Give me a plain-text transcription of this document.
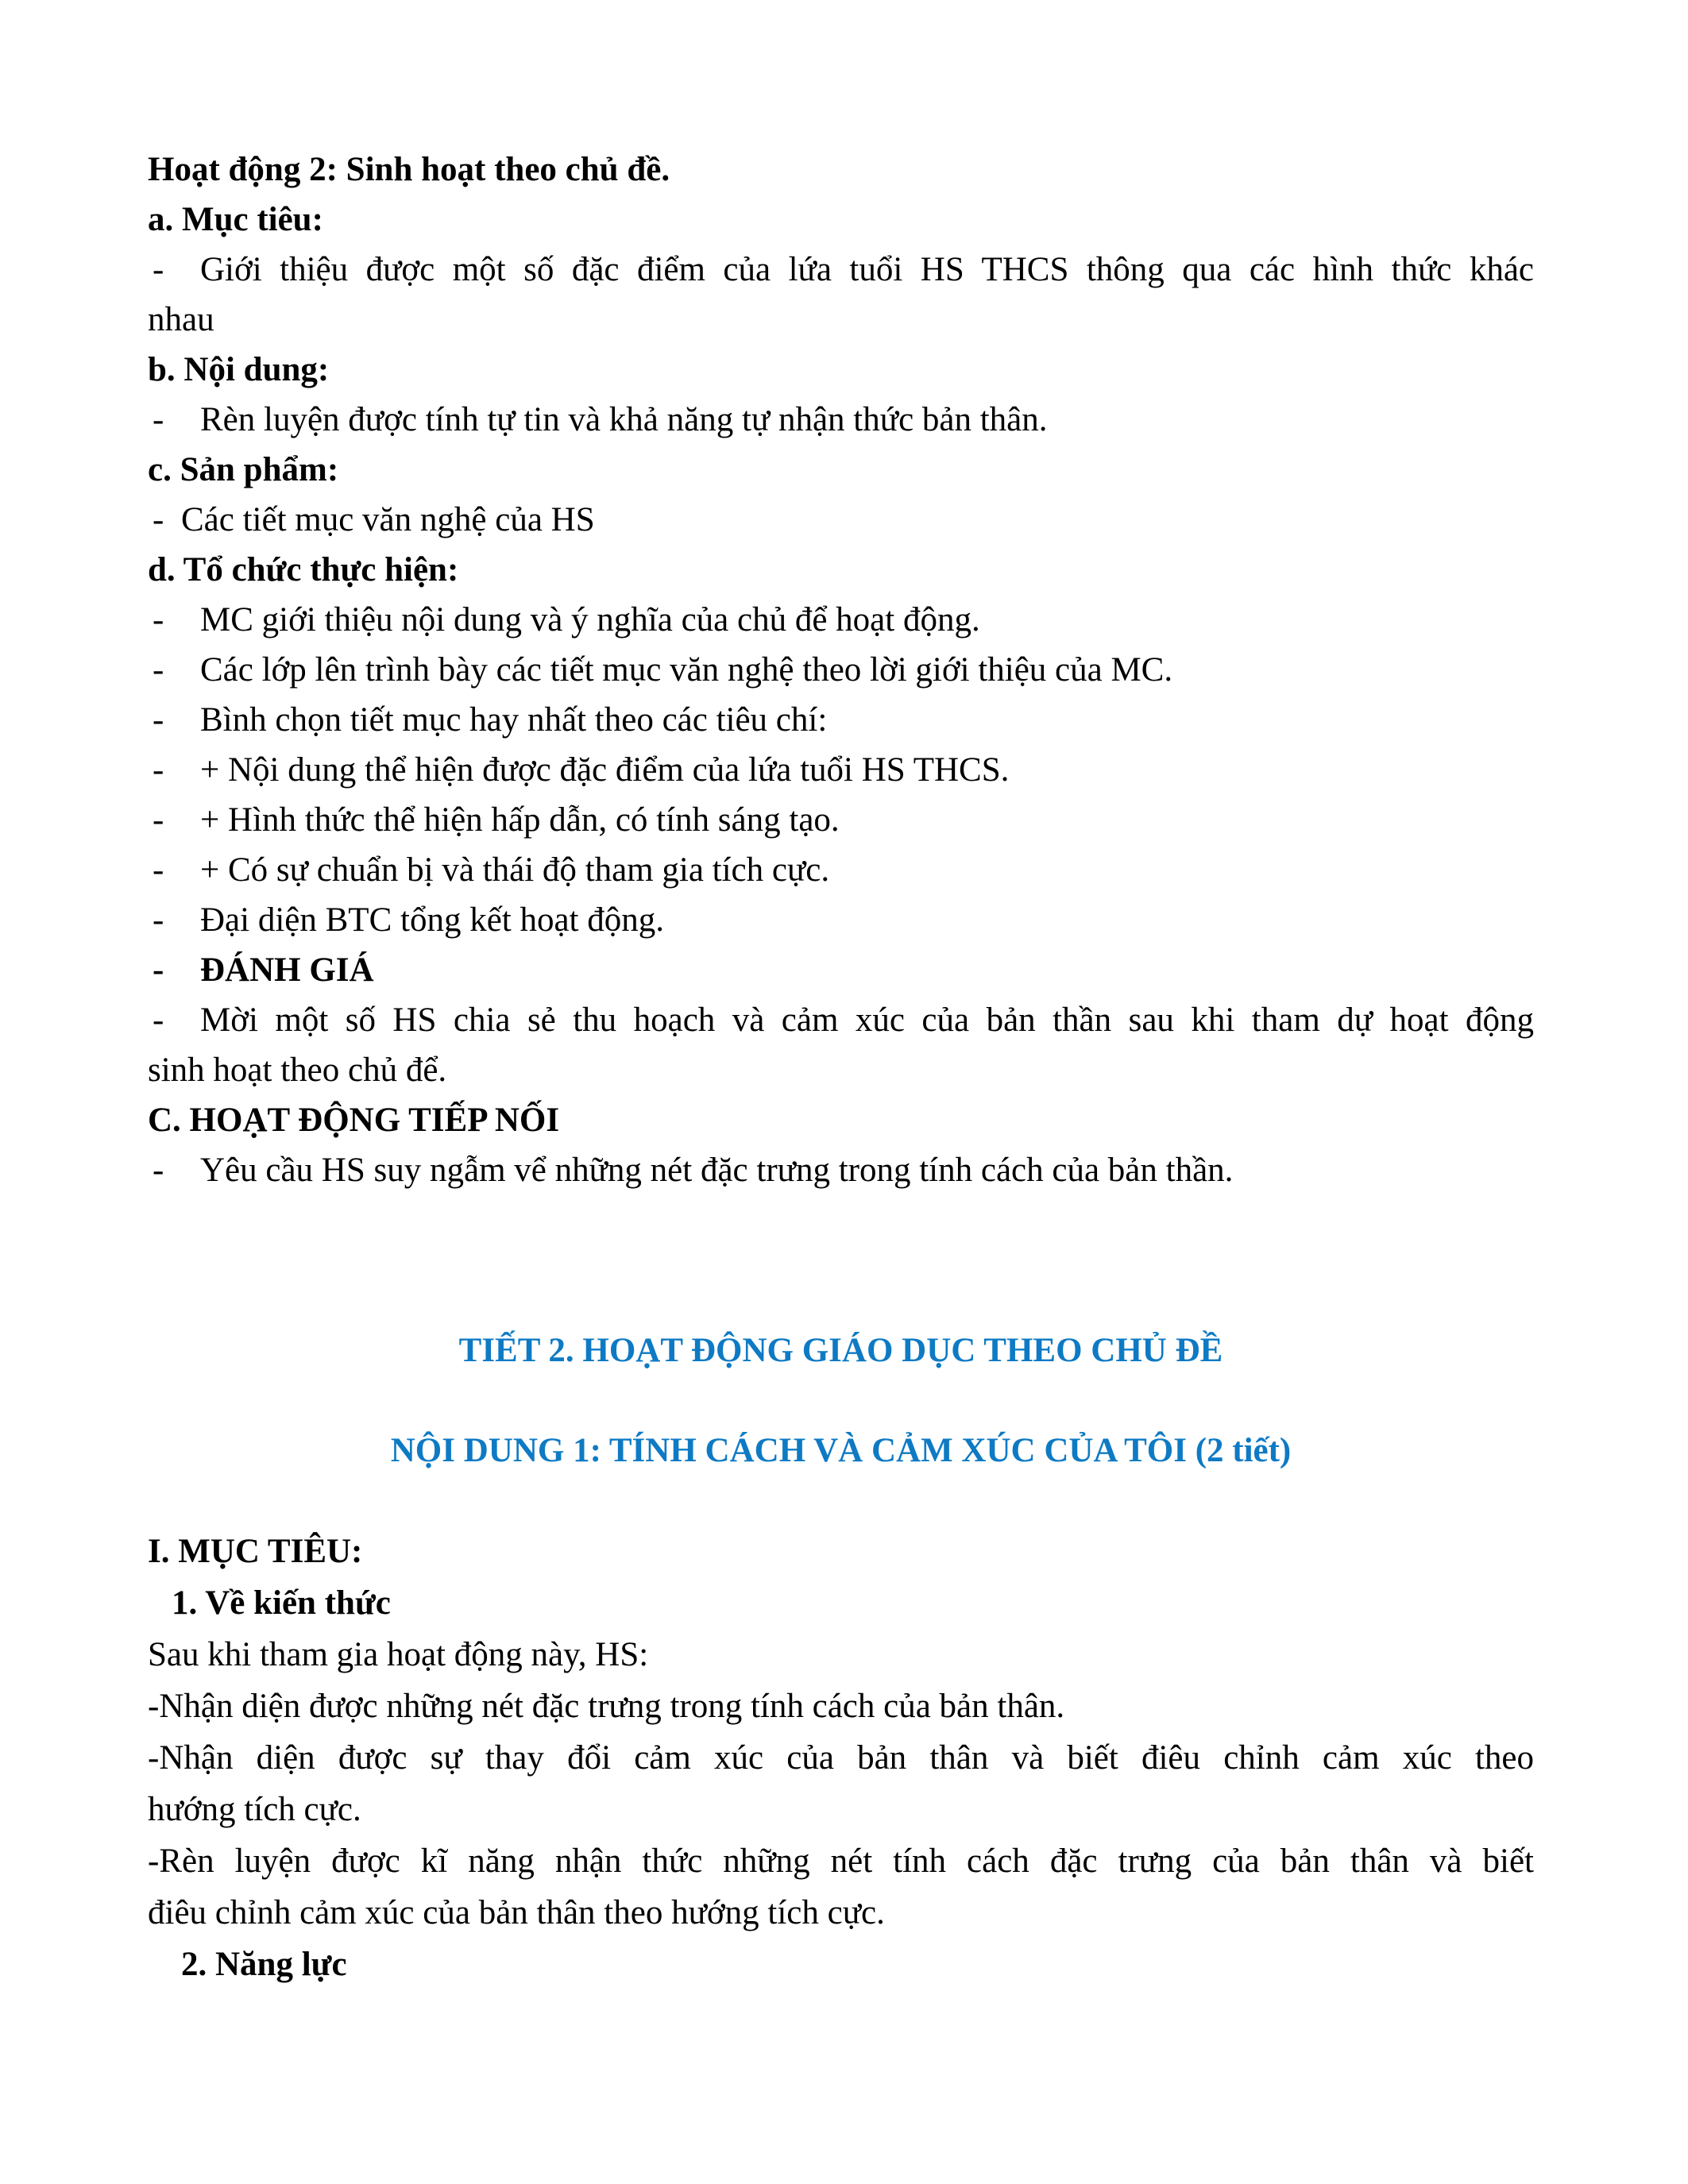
Hoạt động 2: Sinh hoạt theo chủ đề.
a. Mục tiêu:
- Giới thiệu được một số đặc điểm của lứa tuổi HS THCS thông qua các hình thức khác
nhau
b. Nội dung:
- Rèn luyện được tính tự tin và khả năng tự nhận thức bản thân.
c. Sản phẩm:
- Các tiết mục văn nghệ của HS
d. Tổ chức thực hiện:
- MC giới thiệu nội dung và ý nghĩa của chủ để hoạt động.
- Các lớp lên trình bày các tiết mục văn nghệ theo lời giới thiệu của MC.
- Bình chọn tiết mục hay nhất theo các tiêu chí:
- + Nội dung thể hiện được đặc điểm của lứa tuổi HS THCS.
- + Hình thức thể hiện hấp dẫn, có tính sáng tạo.
- + Có sự chuẩn bị và thái độ tham gia tích cực.
- Đại diện BTC tổng kết hoạt động.
- ĐÁNH GIÁ
- Mời một số HS chia sẻ thu hoạch và cảm xúc của bản thần sau khi tham dự hoạt động
sinh hoạt theo chủ để.
C. HOẠT ĐỘNG TIẾP NỐI
- Yêu cầu HS suy ngẫm vể những nét đặc trưng trong tính cách của bản thần.
TIẾT 2. HOẠT ĐỘNG GIÁO DỤC THEO CHỦ ĐỀ
NỘI DUNG 1: TÍNH CÁCH VÀ CẢM XÚC CỦA TÔI (2 tiết)
I. MỤC TIÊU:
1. Về kiến thức
Sau khi tham gia hoạt động này, HS:
-Nhận diện được những nét đặc trưng trong tính cách của bản thân.
-Nhận diện được sự thay đổi cảm xúc của bản thân và biết điêu chỉnh cảm xúc theo
hướng tích cực.
-Rèn luyện được kĩ năng nhận thức những nét tính cách đặc trưng của bản thân và biết
điêu chỉnh cảm xúc của bản thân theo hướng tích cực.
2. Năng lực
